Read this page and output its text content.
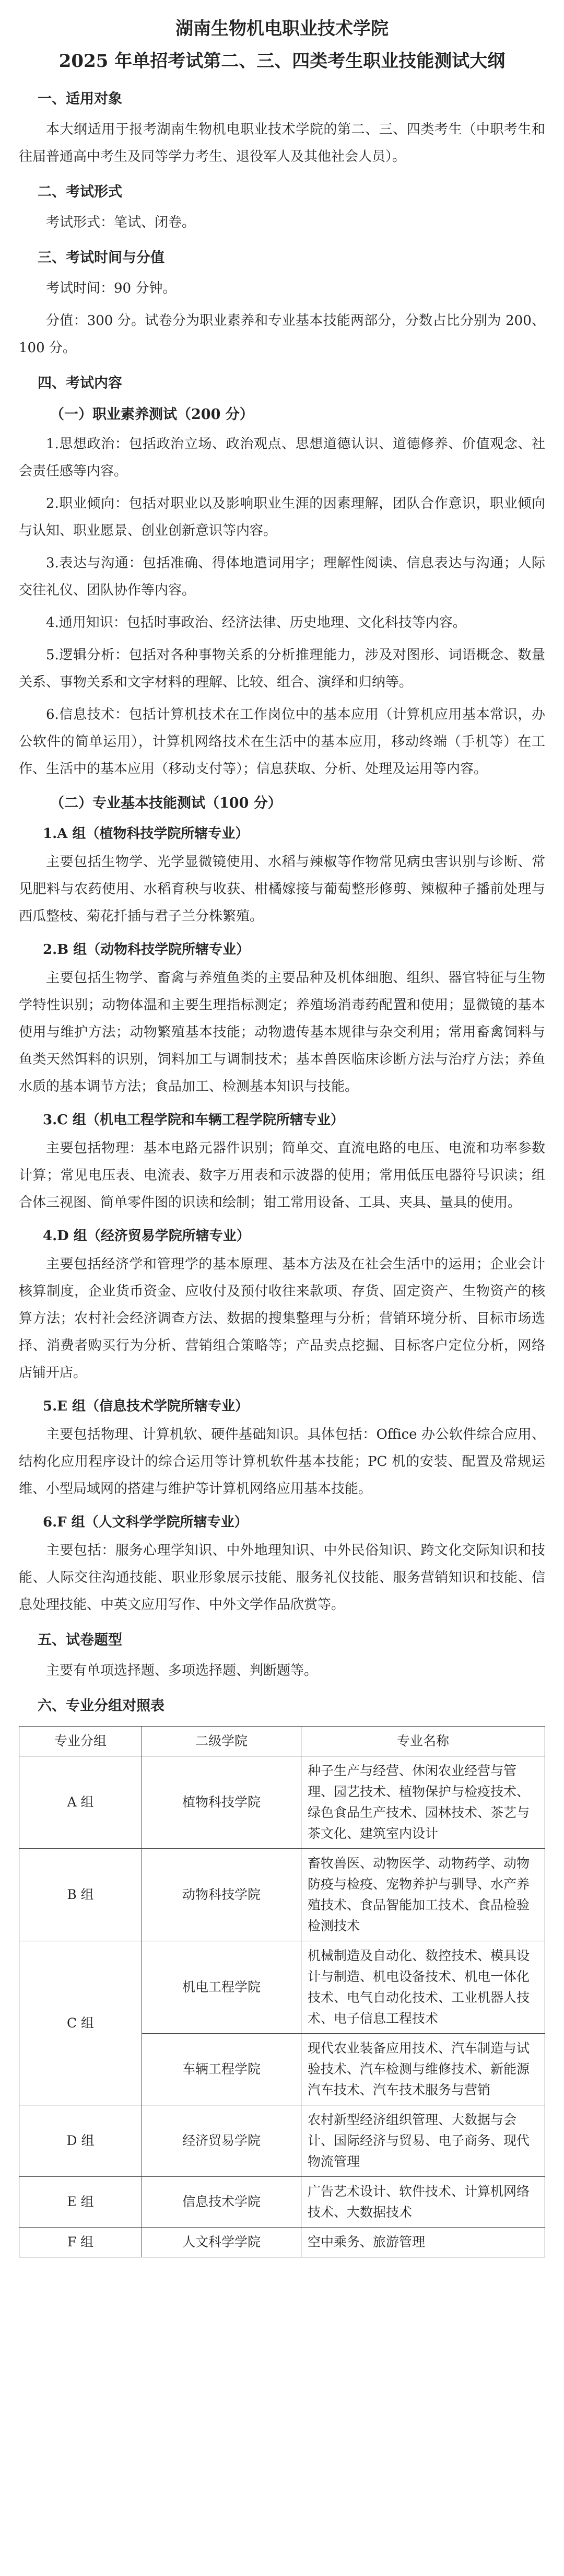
湖南生物机电职业技术学院
2025 年单招考试第二、三、四类考生职业技能测试大纲
一、适用对象

本大纲适用于报考湖南生物机电职业技术学院的第二、三、四类考生（中职考生和往届普通高中考生及同等学力考生、退役军人及其他社会人员）。

二、考试形式

考试形式：笔试、闭卷。

三、考试时间与分值

考试时间：90 分钟。

分值：300 分。试卷分为职业素养和专业基本技能两部分，分数占比分别为 200、100 分。

四、考试内容
（一）职业素养测试（200 分）

1.思想政治：包括政治立场、政治观点、思想道德认识、道德修养、价值观念、社会责任感等内容。

2.职业倾向：包括对职业以及影响职业生涯的因素理解，团队合作意识，职业倾向与认知、职业愿景、创业创新意识等内容。

3.表达与沟通：包括准确、得体地遣词用字；理解性阅读、信息表达与沟通；人际交往礼仪、团队协作等内容。

4.通用知识：包括时事政治、经济法律、历史地理、文化科技等内容。

5.逻辑分析：包括对各种事物关系的分析推理能力，涉及对图形、词语概念、数量关系、事物关系和文字材料的理解、比较、组合、演绎和归纳等。

6.信息技术：包括计算机技术在工作岗位中的基本应用（计算机应用基本常识，办公软件的简单运用），计算机网络技术在生活中的基本应用，移动终端（手机等）在工作、生活中的基本应用（移动支付等）；信息获取、分析、处理及运用等内容。

（二）专业基本技能测试（100 分）
1.A 组（植物科技学院所辖专业）

主要包括生物学、光学显微镜使用、水稻与辣椒等作物常见病虫害识别与诊断、常见肥料与农药使用、水稻育秧与收获、柑橘嫁接与葡萄整形修剪、辣椒种子播前处理与西瓜整枝、菊花扦插与君子兰分株繁殖。

2.B 组（动物科技学院所辖专业）

主要包括生物学、畜禽与养殖鱼类的主要品种及机体细胞、组织、器官特征与生物学特性识别；动物体温和主要生理指标测定；养殖场消毒药配置和使用；显微镜的基本使用与维护方法；动物繁殖基本技能；动物遗传基本规律与杂交利用；常用畜禽饲料与鱼类天然饵料的识别，饲料加工与调制技术；基本兽医临床诊断方法与治疗方法；养鱼水质的基本调节方法；食品加工、检测基本知识与技能。

3.C 组（机电工程学院和车辆工程学院所辖专业）

主要包括物理：基本电路元器件识别；简单交、直流电路的电压、电流和功率参数计算；常见电压表、电流表、数字万用表和示波器的使用；常用低压电器符号识读；组合体三视图、简单零件图的识读和绘制；钳工常用设备、工具、夹具、量具的使用。

4.D 组（经济贸易学院所辖专业）

主要包括经济学和管理学的基本原理、基本方法及在社会生活中的运用；企业会计核算制度，企业货币资金、应收付及预付收往来款项、存货、固定资产、生物资产的核算方法；农村社会经济调查方法、数据的搜集整理与分析；营销环境分析、目标市场选择、消费者购买行为分析、营销组合策略等；产品卖点挖掘、目标客户定位分析，网络店铺开店。

5.E 组（信息技术学院所辖专业）

主要包括物理、计算机软、硬件基础知识。具体包括：Office 办公软件综合应用、结构化应用程序设计的综合运用等计算机软件基本技能；PC 机的安装、配置及常规运维、小型局域网的搭建与维护等计算机网络应用基本技能。

6.F 组（人文科学学院所辖专业）

主要包括：服务心理学知识、中外地理知识、中外民俗知识、跨文化交际知识和技能、人际交往沟通技能、职业形象展示技能、服务礼仪技能、服务营销知识和技能、信息处理技能、中英文应用写作、中外文学作品欣赏等。

五、试卷题型

主要有单项选择题、多项选择题、判断题等。

六、专业分组对照表
专业分组	二级学院	专业名称
A 组	植物科技学院	种子生产与经营、休闲农业经营与管理、园艺技术、植物保护与检疫技术、绿色食品生产技术、园林技术、茶艺与茶文化、建筑室内设计
B 组	动物科技学院	畜牧兽医、动物医学、动物药学、动物防疫与检疫、宠物养护与驯导、水产养殖技术、食品智能加工技术、食品检验检测技术
C 组	机电工程学院	机械制造及自动化、数控技术、模具设计与制造、机电设备技术、机电一体化技术、电气自动化技术、工业机器人技术、电子信息工程技术
	车辆工程学院	现代农业装备应用技术、汽车制造与试验技术、汽车检测与维修技术、新能源汽车技术、汽车技术服务与营销
D 组	经济贸易学院	农村新型经济组织管理、大数据与会计、国际经济与贸易、电子商务、现代物流管理
E 组	信息技术学院	广告艺术设计、软件技术、计算机网络技术、大数据技术
F 组	人文科学学院	空中乘务、旅游管理
